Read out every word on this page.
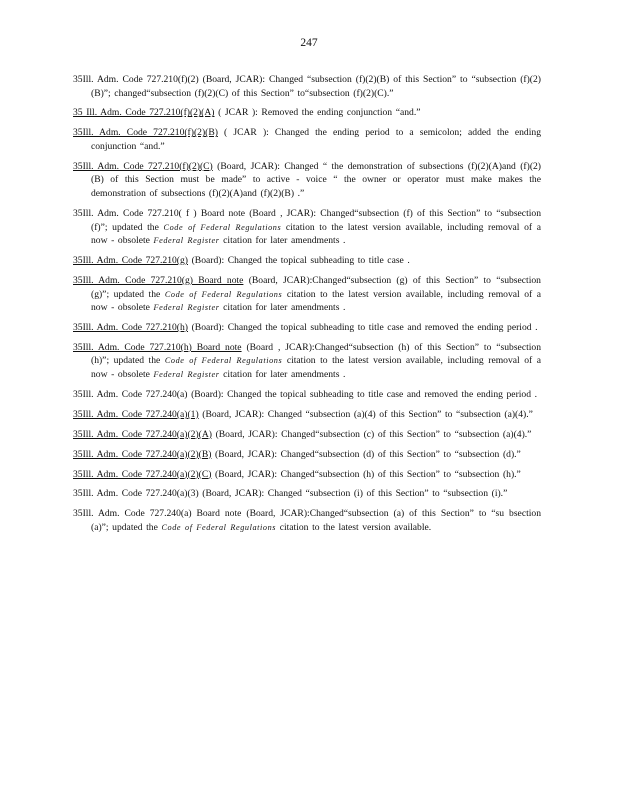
247

35Ill. Adm. Code 727.210(f)(2) (Board, JCAR): Changed “subsection (f)(2)(B) of this Section” to “subsection (f)(2)(B)”; changed“subsection (f)(2)(C) of this Section” to“subsection (f)(2)(C).”

35 Ill. Adm. Code 727.210(f)(2)(A) ( JCAR ): Removed the ending conjunction “and.”

35Ill. Adm. Code 727.210(f)(2)(B) ( JCAR ): Changed the ending period to a semicolon; added the ending conjunction “and.”

35Ill. Adm. Code 727.210(f)(2)(C) (Board, JCAR): Changed “ the demonstration of subsections (f)(2)(A)and (f)(2)(B) of this Section must be made” to active - voice “ the owner or operator must make makes the demonstration of subsections (f)(2)(A)and (f)(2)(B) .”

35Ill. Adm. Code 727.210( f ) Board note (Board , JCAR): Changed“subsection (f) of this Section” to “subsection (f)”; updated the Code of Federal Regulations citation to the latest version available, including removal of a now - obsolete Federal Register citation for later amendments .

35Ill. Adm. Code 727.210(g) (Board): Changed the topical subheading to title case .

35Ill. Adm. Code 727.210(g) Board note (Board, JCAR):Changed“subsection (g) of this Section” to “subsection (g)”; updated the Code of Federal Regulations citation to the latest version available, including removal of a now - obsolete Federal Register citation for later amendments .

35Ill. Adm. Code 727.210(h) (Board): Changed the topical subheading to title case and removed the ending period .

35Ill. Adm. Code 727.210(h) Board note (Board , JCAR):Changed“subsection (h) of this Section” to “subsection (h)”; updated the Code of Federal Regulations citation to the latest version available, including removal of a now - obsolete Federal Register citation for later amendments .

35Ill. Adm. Code 727.240(a) (Board): Changed the topical subheading to title case and removed the ending period .

35Ill. Adm. Code 727.240(a)(1) (Board, JCAR): Changed “subsection (a)(4) of this Section” to “subsection (a)(4).”

35Ill. Adm. Code 727.240(a)(2)(A) (Board, JCAR): Changed“subsection (c) of this Section” to “subsection (a)(4).”

35Ill. Adm. Code 727.240(a)(2)(B) (Board, JCAR): Changed“subsection (d) of this Section” to “subsection (d).”

35Ill. Adm. Code 727.240(a)(2)(C) (Board, JCAR): Changed“subsection (h) of this Section” to “subsection (h).”

35Ill. Adm. Code 727.240(a)(3) (Board, JCAR): Changed “subsection (i) of this Section” to “subsection (i).”

35Ill. Adm. Code 727.240(a) Board note (Board, JCAR):Changed“subsection (a) of this Section” to “su bsection (a)”; updated the Code of Federal Regulations citation to the latest version available.
